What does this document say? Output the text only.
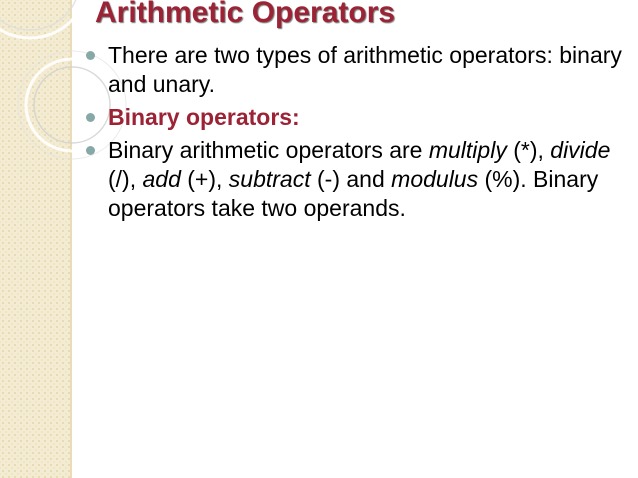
Arithmetic Operators
There are two types of arithmetic operators: binary and unary.
Binary operators:
Binary arithmetic operators are multiply (*), divide (/), add (+), subtract (-) and modulus (%). Binary operators take two operands.
